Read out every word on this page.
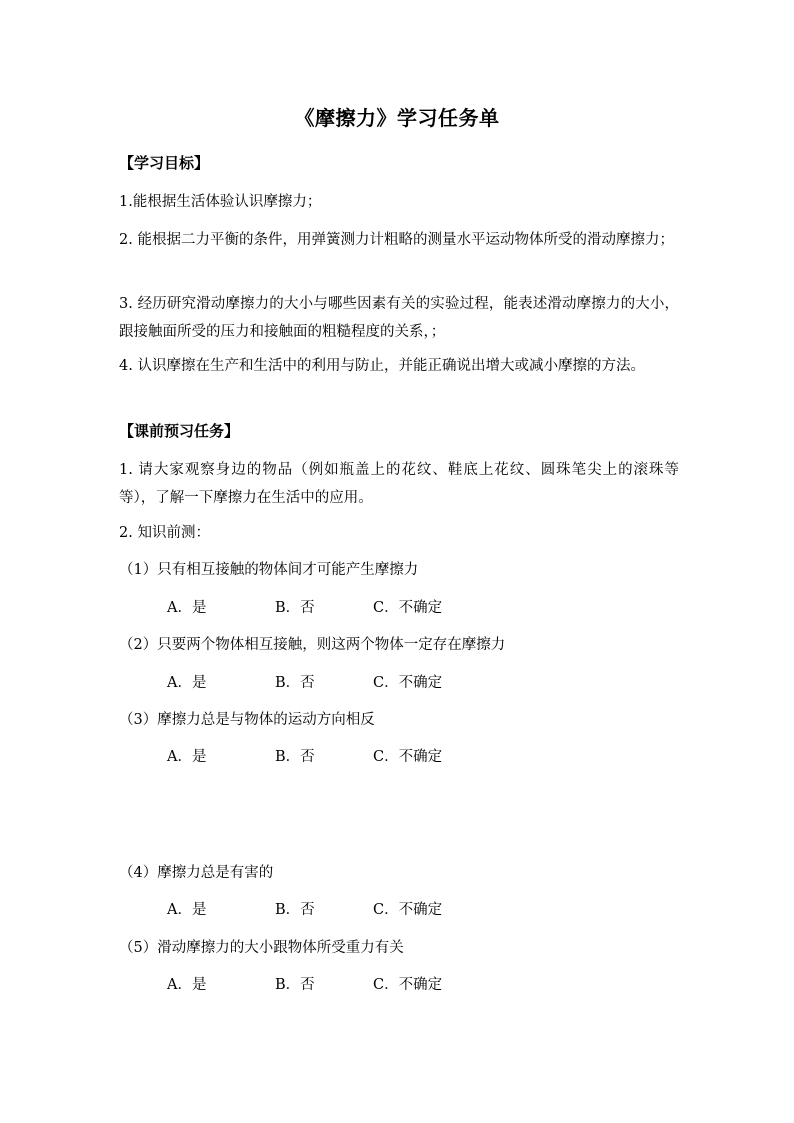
《摩擦力》学习任务单
【学习目标】
1.能根据生活体验认识摩擦力；
2. 能根据二力平衡的条件，用弹簧测力计粗略的测量水平运动物体所受的滑动摩擦力；
3. 经历研究滑动摩擦力的大小与哪些因素有关的实验过程，能表述滑动摩擦力的大小，跟接触面所受的压力和接触面的粗糙程度的关系，；
4. 认识摩擦在生产和生活中的利用与防止，并能正确说出增大或减小摩擦的方法。
【课前预习任务】
1. 请大家观察身边的物品（例如瓶盖上的花纹、鞋底上花纹、圆珠笔尖上的滚珠等等），了解一下摩擦力在生活中的应用。
2. 知识前测：
（1）只有相互接触的物体间才可能产生摩擦力
A．是	B．否	C．不确定
（2）只要两个物体相互接触，则这两个物体一定存在摩擦力
A．是	B．否	C．不确定
（3）摩擦力总是与物体的运动方向相反
A．是	B．否	C．不确定
（4）摩擦力总是有害的
A．是	B．否	C．不确定
（5）滑动摩擦力的大小跟物体所受重力有关
A．是	B．否	C．不确定
